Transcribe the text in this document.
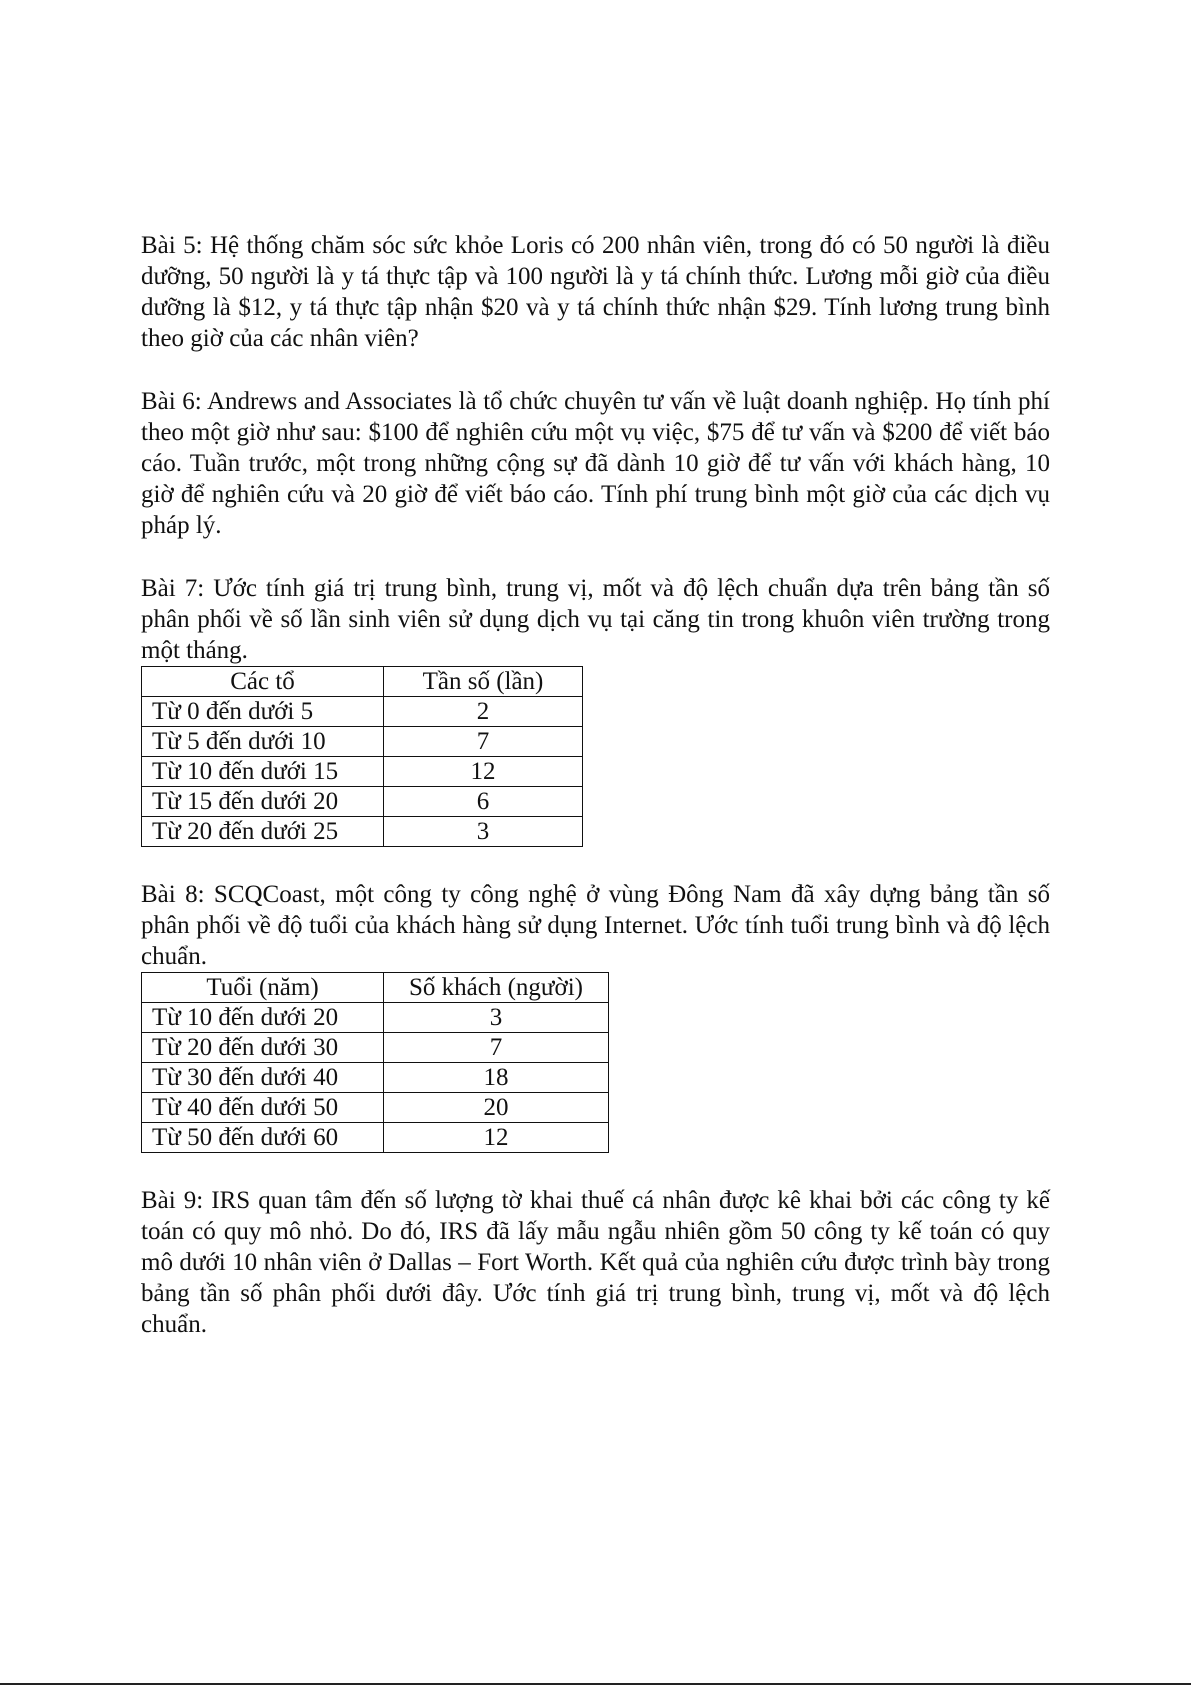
Bài 5: Hệ thống chăm sóc sức khỏe Loris có 200 nhân viên, trong đó có 50 người là điều dưỡng, 50 người là y tá thực tập và 100 người là y tá chính thức. Lương mỗi giờ của điều dưỡng là $12, y tá thực tập nhận $20 và y tá chính thức nhận $29. Tính lương trung bình theo giờ của các nhân viên?

Bài 6: Andrews and Associates là tổ chức chuyên tư vấn về luật doanh nghiệp. Họ tính phí theo một giờ như sau: $100 để nghiên cứu một vụ việc, $75 để tư vấn và $200 để viết báo cáo. Tuần trước, một trong những cộng sự đã dành 10 giờ để tư vấn với khách hàng, 10 giờ để nghiên cứu và 20 giờ để viết báo cáo. Tính phí trung bình một giờ của các dịch vụ pháp lý.

Bài 7: Ước tính giá trị trung bình, trung vị, mốt và độ lệch chuẩn dựa trên bảng tần số phân phối về số lần sinh viên sử dụng dịch vụ tại căng tin trong khuôn viên trường trong một tháng.

Các tổ	Tần số (lần)
Từ 0 đến dưới 5	2
Từ 5 đến dưới 10	7
Từ 10 đến dưới 15	12
Từ 15 đến dưới 20	6
Từ 20 đến dưới 25	3

Bài 8: SCQCoast, một công ty công nghệ ở vùng Đông Nam đã xây dựng bảng tần số phân phối về độ tuổi của khách hàng sử dụng Internet. Ước tính tuổi trung bình và độ lệch chuẩn.

Tuổi (năm)	Số khách (người)
Từ 10 đến dưới 20	3
Từ 20 đến dưới 30	7
Từ 30 đến dưới 40	18
Từ 40 đến dưới 50	20
Từ 50 đến dưới 60	12

Bài 9: IRS quan tâm đến số lượng tờ khai thuế cá nhân được kê khai bởi các công ty kế toán có quy mô nhỏ. Do đó, IRS đã lấy mẫu ngẫu nhiên gồm 50 công ty kế toán có quy mô dưới 10 nhân viên ở Dallas – Fort Worth. Kết quả của nghiên cứu được trình bày trong bảng tần số phân phối dưới đây. Ước tính giá trị trung bình, trung vị, mốt và độ lệch chuẩn.
